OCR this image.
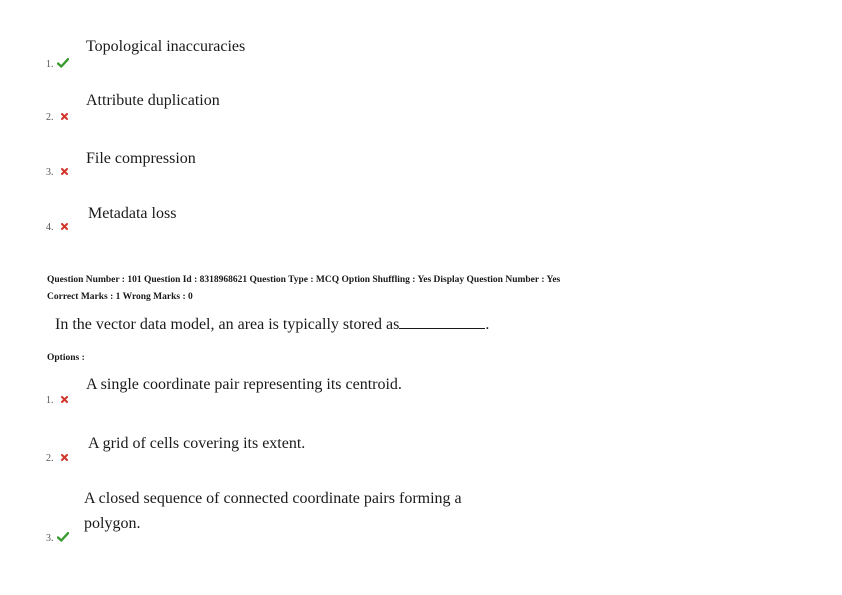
Topological inaccuracies
1.
Attribute duplication
2.
File compression
3.
Metadata loss
4.
Question Number : 101 Question Id : 8318968621 Question Type : MCQ Option Shuffling : Yes Display Question Number : Yes
Correct Marks : 1 Wrong Marks : 0
In the vector data model, an area is typically stored as	.
Options :
A single coordinate pair representing its centroid.
1.
A grid of cells covering its extent.
2.
A closed sequence of connected coordinate pairs forming a
polygon.
3.
